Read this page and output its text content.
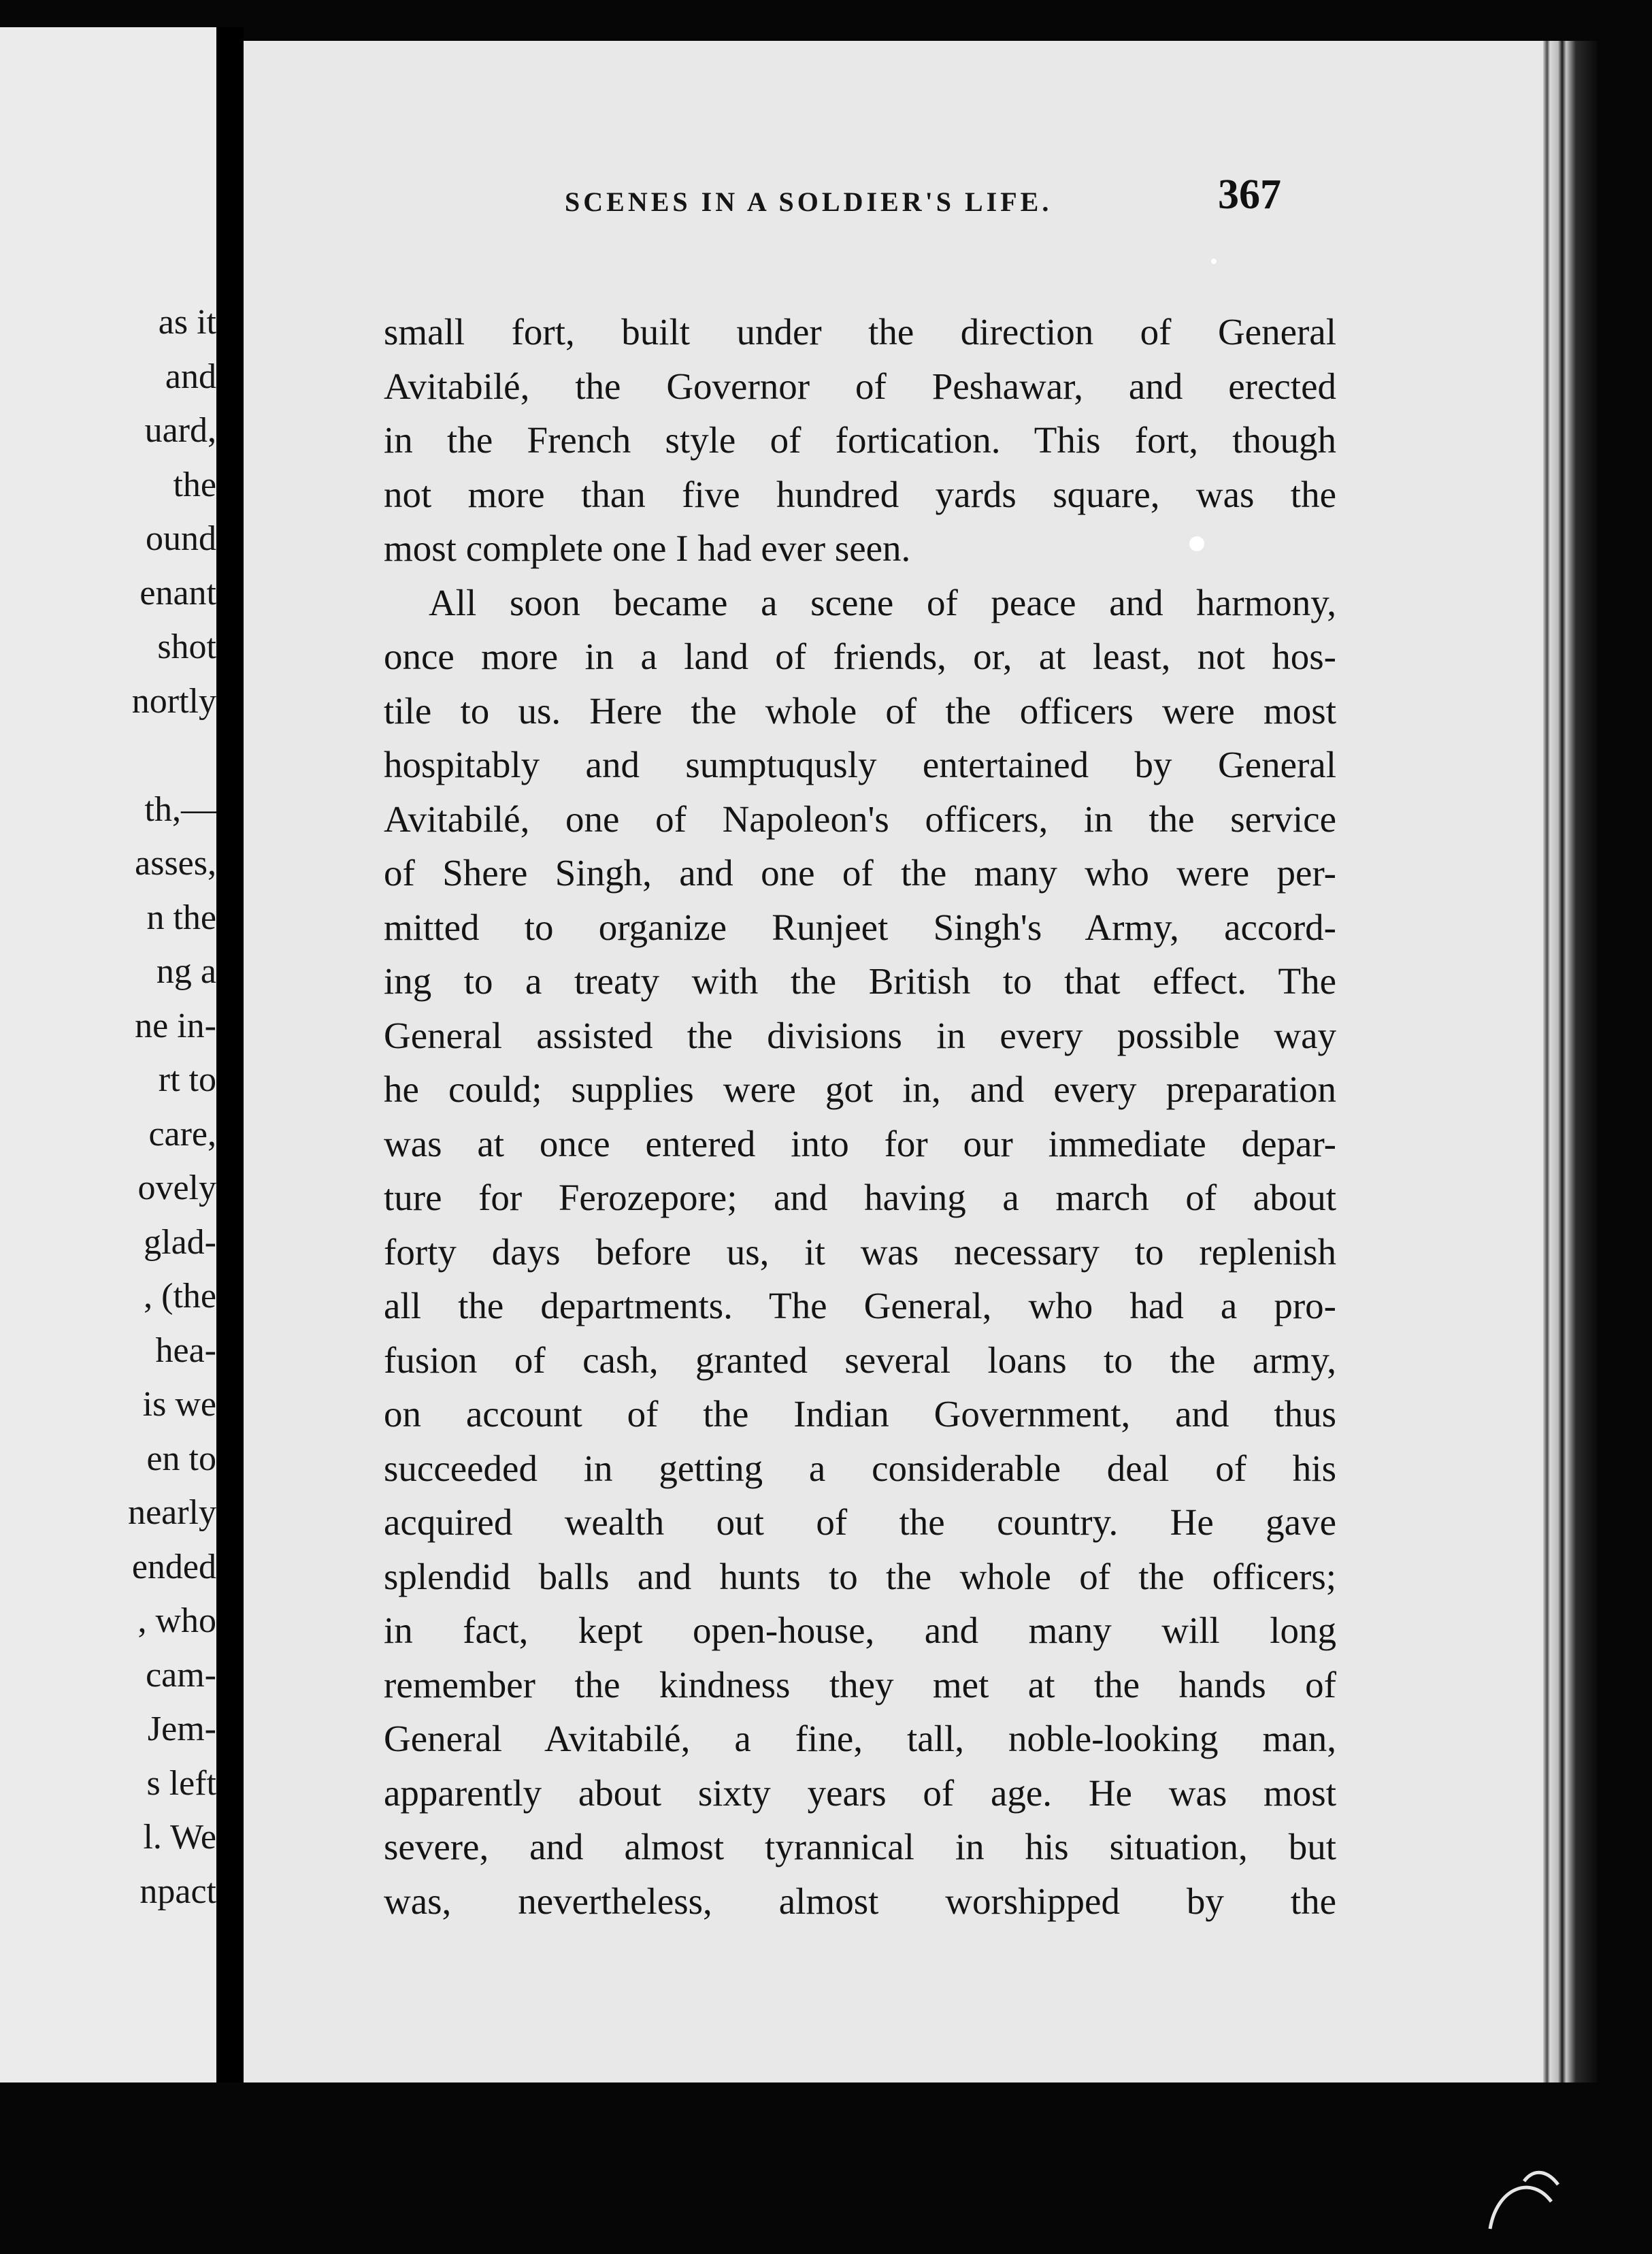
as it
and
uard,
the
ound
enant
shot
nortly
th,—
asses,
n the
ng a
ne in-
rt to
care,
ovely
glad-
, (the
hea-
is we
en to
nearly
ended
, who
cam-
Jem-
s left
l. We
npact
SCENES IN A SOLDIER'S LIFE.	367
small fort, built under the direction of General
Avitabilé, the Governor of Peshawar, and erected
in the French style of fortication. This fort, though
not more than five hundred yards square, was the
most complete one I had ever seen.
All soon became a scene of peace and harmony,
once more in a land of friends, or, at least, not hos-
tile to us. Here the whole of the officers were most
hospitably and sumptuqusly entertained by General
Avitabilé, one of Napoleon's officers, in the service
of Shere Singh, and one of the many who were per-
mitted to organize Runjeet Singh's Army, accord-
ing to a treaty with the British to that effect. The
General assisted the divisions in every possible way
he could; supplies were got in, and every preparation
was at once entered into for our immediate depar-
ture for Ferozepore; and having a march of about
forty days before us, it was necessary to replenish
all the departments. The General, who had a pro-
fusion of cash, granted several loans to the army,
on account of the Indian Government, and thus
succeeded in getting a considerable deal of his
acquired wealth out of the country. He gave
splendid balls and hunts to the whole of the officers;
in fact, kept open-house, and many will long
remember the kindness they met at the hands of
General Avitabilé, a fine, tall, noble-looking man,
apparently about sixty years of age. He was most
severe, and almost tyrannical in his situation, but
was, nevertheless, almost worshipped by the
